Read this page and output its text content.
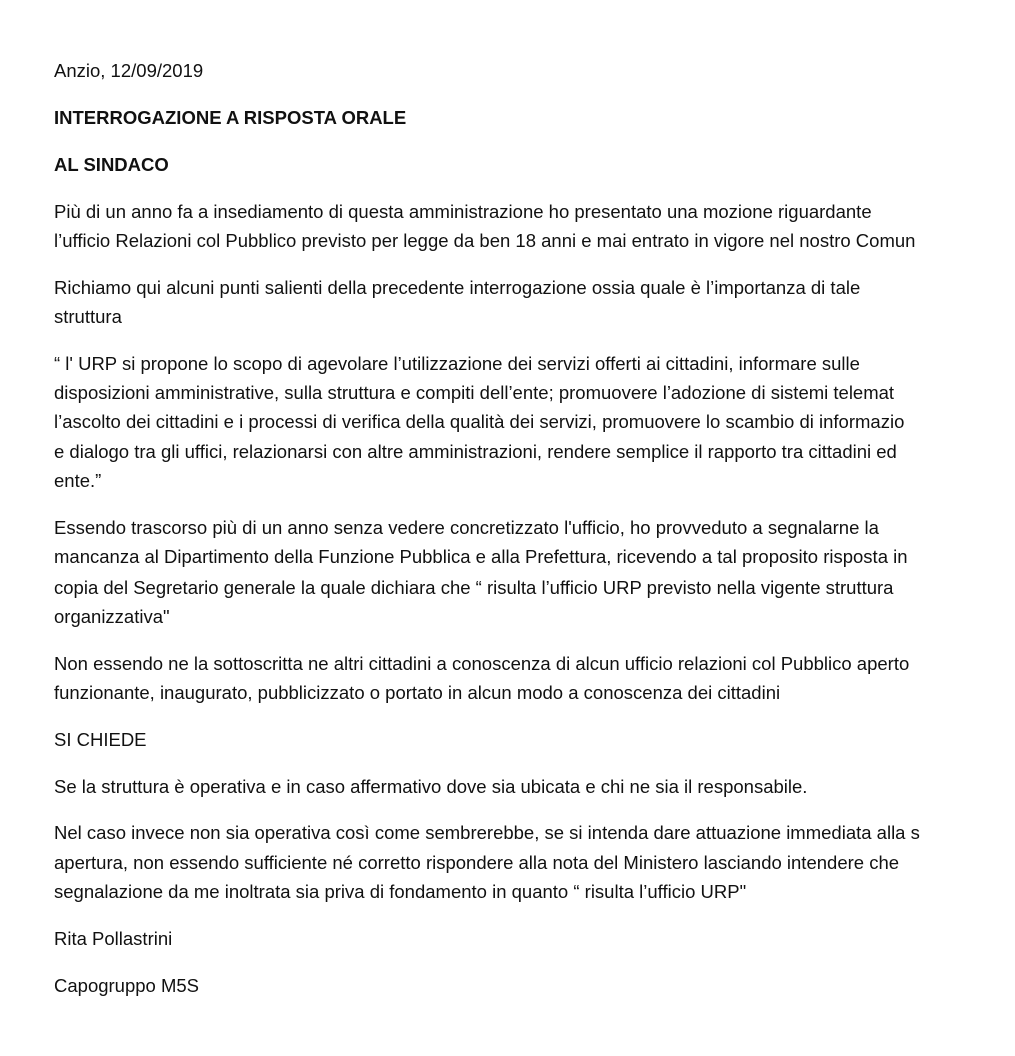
Anzio, 12/09/2019
INTERROGAZIONE A RISPOSTA ORALE
AL SINDACO
Più di un anno fa a insediamento di questa amministrazione ho presentato una mozione riguardante
l’ufficio Relazioni col Pubblico previsto per legge da ben 18 anni e mai entrato in vigore nel nostro Comun
Richiamo qui alcuni punti salienti della precedente interrogazione ossia quale è l’importanza di tale
struttura
“ l' URP si propone lo scopo di agevolare l’utilizzazione dei servizi offerti ai cittadini, informare sulle
disposizioni amministrative, sulla struttura e compiti dell’ente; promuovere l’adozione di sistemi telemat
l’ascolto dei cittadini e i processi di verifica della qualità dei servizi, promuovere lo scambio di informazio
e dialogo tra gli uffici, relazionarsi con altre amministrazioni, rendere semplice il rapporto tra cittadini ed
ente.”
Essendo trascorso più di un anno senza vedere concretizzato l'ufficio, ho provveduto a segnalarne la
mancanza al Dipartimento della Funzione Pubblica e alla Prefettura, ricevendo a tal proposito risposta in
copia del Segretario generale la quale dichiara che “ risulta l’ufficio URP previsto nella vigente struttura
organizzativa"
Non essendo ne la sottoscritta ne altri cittadini a conoscenza di alcun ufficio relazioni col Pubblico aperto
funzionante, inaugurato, pubblicizzato o portato in alcun modo a conoscenza dei cittadini
SI CHIEDE
Se la struttura è operativa e in caso affermativo dove sia ubicata e chi ne sia il responsabile.
Nel caso invece non sia operativa così come sembrerebbe, se si intenda dare attuazione immediata alla s
apertura, non essendo sufficiente né corretto rispondere alla nota del Ministero lasciando intendere che
segnalazione da me inoltrata sia priva di fondamento in quanto “ risulta l’ufficio URP"
Rita Pollastrini
Capogruppo M5S
